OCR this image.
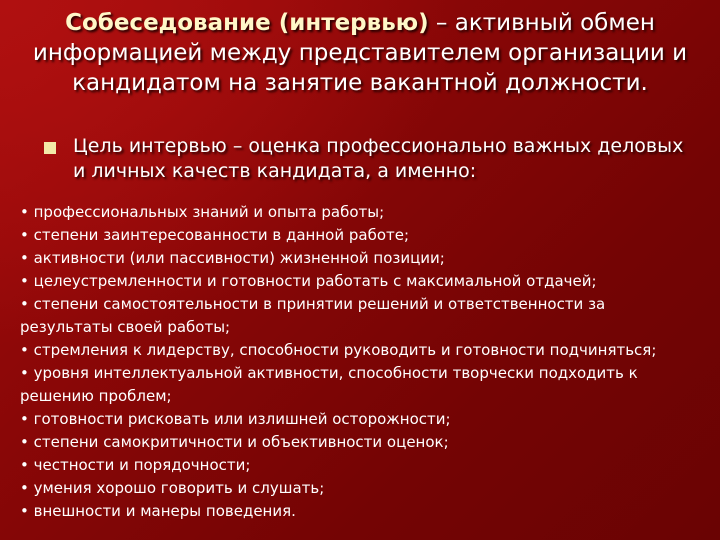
Собеседование (интервью) – активный обмен информацией между представителем организации и кандидатом на занятие вакантной должности.
Цель интервью – оценка профессионально важных деловых и личных качеств кандидата, а именно:
• профессиональных знаний и опыта работы;
• степени заинтересованности в данной работе;
• активности (или пассивности) жизненной позиции;
• целеустремленности и готовности работать с максимальной отдачей;
• степени самостоятельности в принятии решений и ответственности за результаты своей работы;
• стремления к лидерству, способности руководить и готовности подчиняться;
• уровня интеллектуальной активности, способности творчески подходить к решению проблем;
• готовности рисковать или излишней осторожности;
• степени самокритичности и объективности оценок;
• честности и порядочности;
• умения хорошо говорить и слушать;
• внешности и манеры поведения.
